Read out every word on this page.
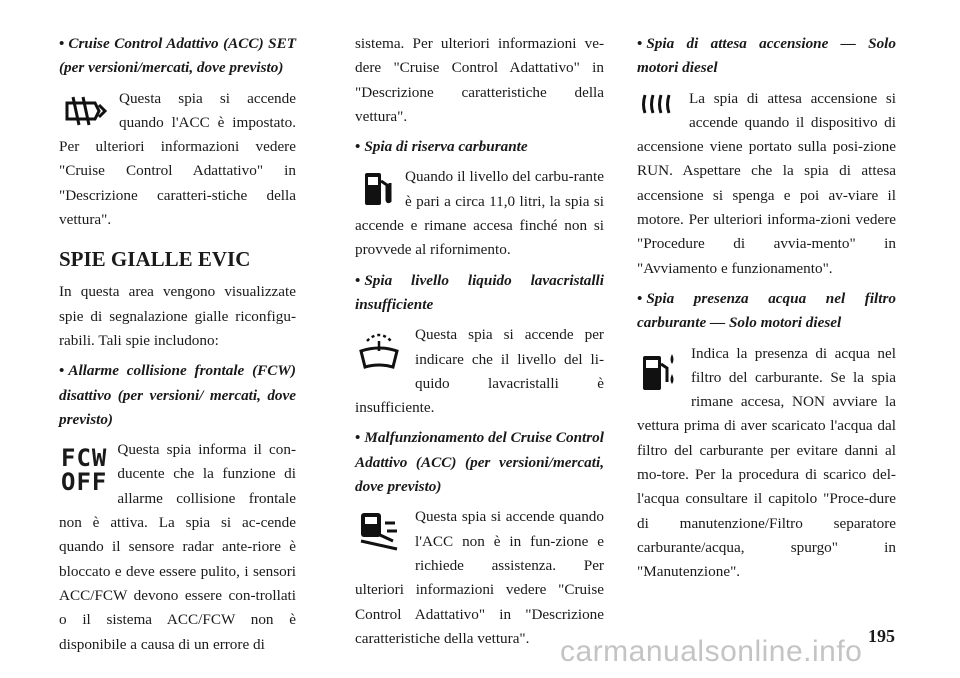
• Cruise Control Adattivo (ACC) SET (per versioni/mercati, dove previsto)

Questa spia si accende quando l'ACC è impostato. Per ulteriori informazioni vedere "Cruise Control Adattativo" in "Descrizione caratteri-stiche della vettura".

SPIE GIALLE EVIC

In questa area vengono visualizzate spie di segnalazione gialle riconfigu-rabili. Tali spie includono:

• Allarme collisione frontale (FCW) disattivo (per versioni/ mercati, dove previsto)

FCW
OFF

Questa spia informa il con-ducente che la funzione di allarme collisione frontale non è attiva. La spia si ac-cende quando il sensore radar ante-riore è bloccato e deve essere pulito, i sensori ACC/FCW devono essere con-trollati o il sistema ACC/FCW non è disponibile a causa di un errore di

sistema. Per ulteriori informazioni ve-dere "Cruise Control Adattativo" in "Descrizione caratteristiche della vettura".

• Spia di riserva carburante

Quando il livello del carbu-rante è pari a circa 11,0 litri, la spia si accende e rimane accesa finché non si provvede al rifornimento.

• Spia livello liquido lavacristalli insufficiente

Questa spia si accende per indicare che il livello del li-quido lavacristalli è insufficiente.

• Malfunzionamento del Cruise Control Adattivo (ACC) (per versioni/mercati, dove previsto)

Questa spia si accende quando l'ACC non è in fun-zione e richiede assistenza. Per ulteriori informazioni vedere "Cruise Control Adattativo" in "Descrizione caratteristiche della vettura".

• Spia di attesa accensione — Solo motori diesel

La spia di attesa accensione si accende quando il dispositivo di accensione viene portato sulla posi-zione RUN. Aspettare che la spia di attesa accensione si spenga e poi av-viare il motore. Per ulteriori informa-zioni vedere "Procedure di avvia-mento" in "Avviamento e funzionamento".

• Spia presenza acqua nel filtro carburante — Solo motori diesel

Indica la presenza di acqua nel filtro del carburante. Se la spia rimane accesa, NON avviare la vettura prima di aver scaricato l'acqua dal filtro del carburante per evitare danni al mo-tore. Per la procedura di scarico del-l'acqua consultare il capitolo "Proce-dure di manutenzione/Filtro separatore carburante/acqua, spurgo" in "Manutenzione".

195
carmanualsonline.info
